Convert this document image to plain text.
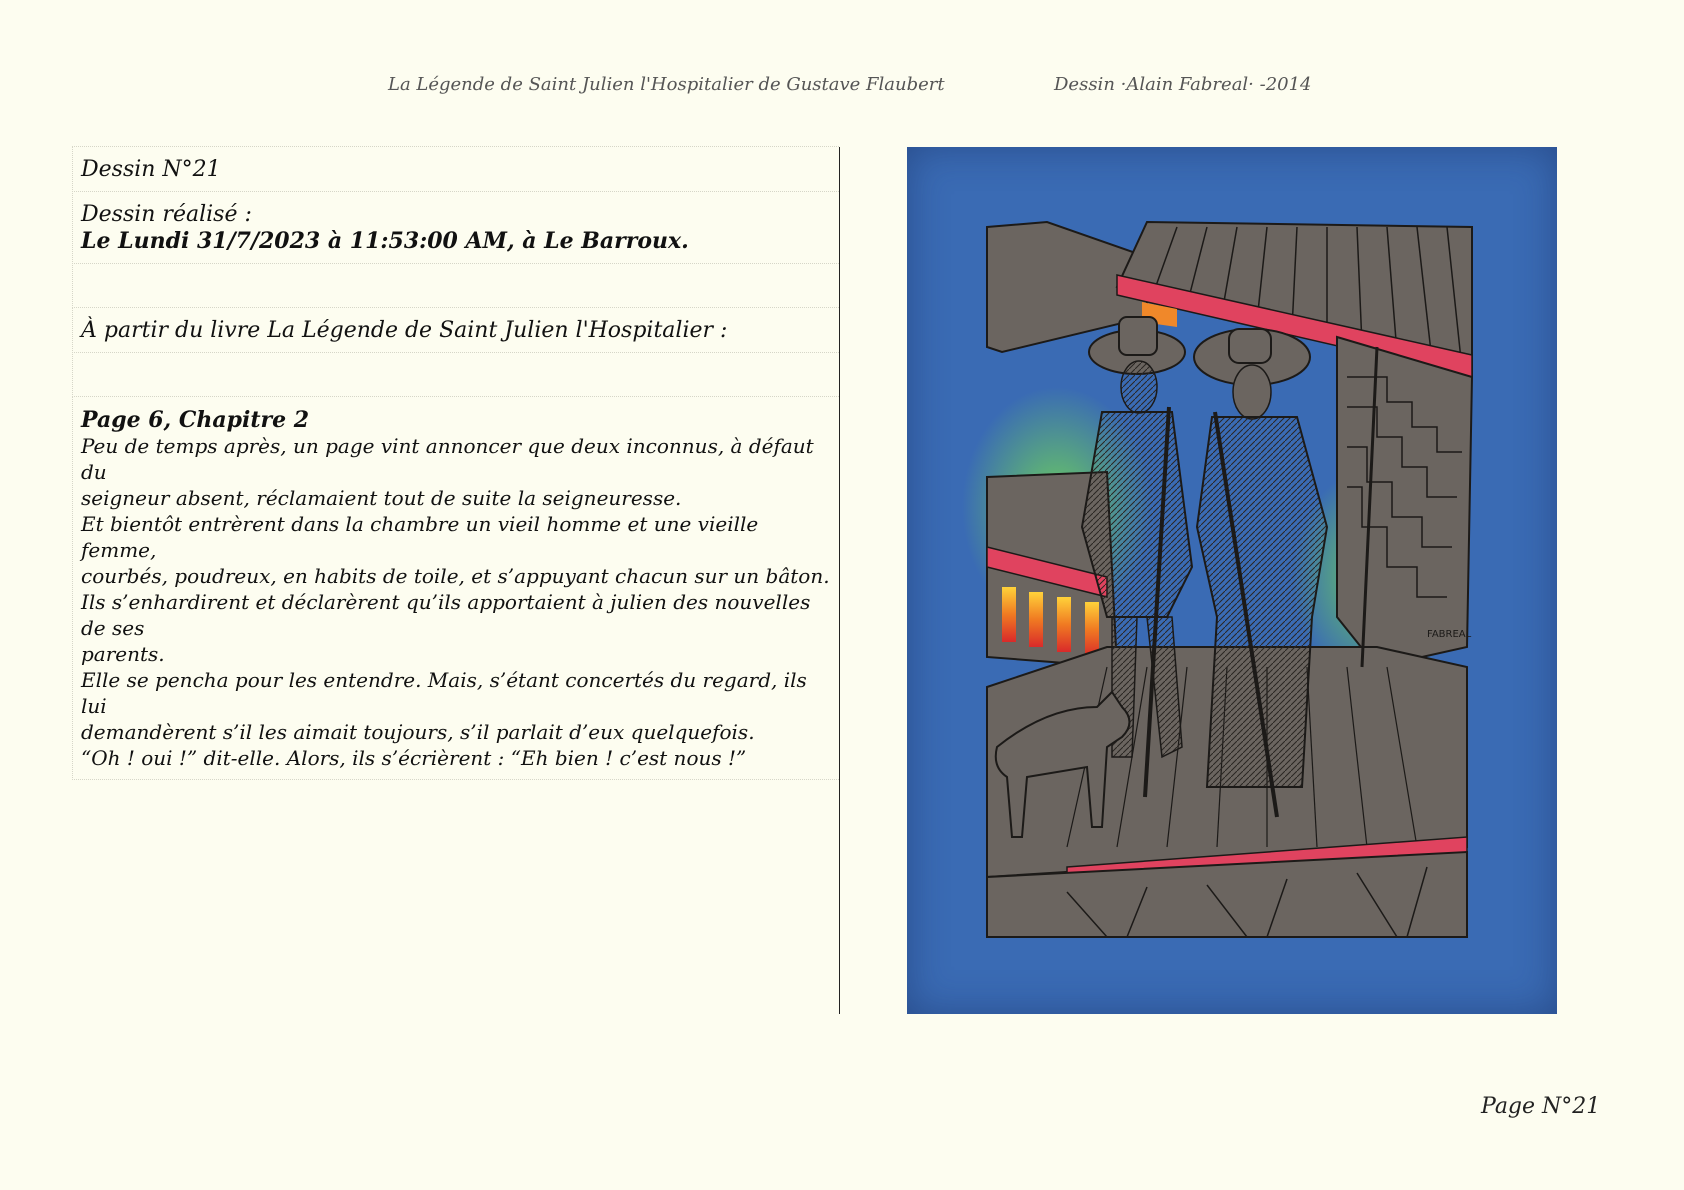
La Légende de Saint Julien l'Hospitalier de Gustave Flaubert	Dessin ·Alain Fabreal· -2014
Dessin N°21
Dessin réalisé :
Le Lundi 31/7/2023 à 11:53:00 AM, à Le Barroux.
À partir du livre La Légende de Saint Julien l'Hospitalier :
Page 6, Chapitre 2
Peu de temps après, un page vint annoncer que deux inconnus, à défaut du
seigneur absent, réclamaient tout de suite la seigneuresse.
Et bientôt entrèrent dans la chambre un vieil homme et une vieille femme,
courbés, poudreux, en habits de toile, et s’appuyant chacun sur un bâton.
Ils s’enhardirent et déclarèrent qu’ils apportaient à julien des nouvelles de ses
parents.
Elle se pencha pour les entendre. Mais, s’étant concertés du regard, ils lui
demandèrent s’il les aimait toujours, s’il parlait d’eux quelquefois.
“Oh ! oui !” dit-elle. Alors, ils s’écrièrent : “Eh bien ! c’est nous !”
FABREAL
Page N°21
